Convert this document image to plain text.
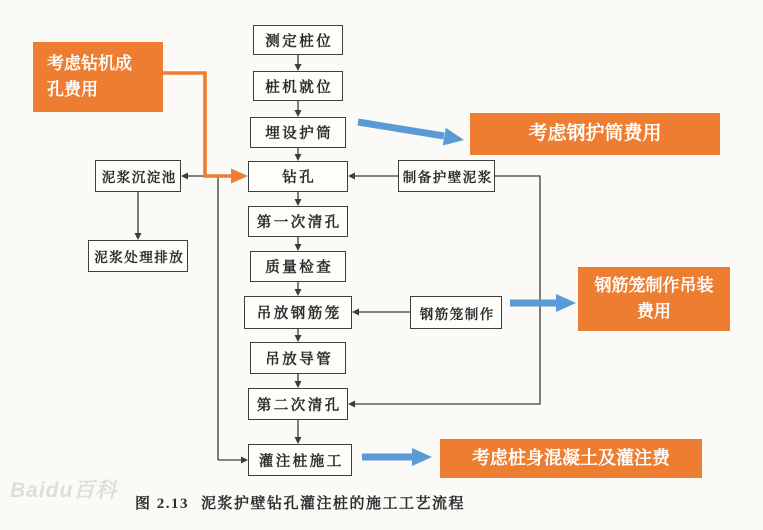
测定桩位
桩机就位
埋设护筒
钻孔
第一次清孔
质量检查
吊放钢筋笼
吊放导管
第二次清孔
灌注桩施工
泥浆沉淀池
泥浆处理排放
制备护壁泥浆
钢筋笼制作
考虑钻机成
孔费用
考虑钢护筒费用
钢筋笼制作吊装
费用
考虑桩身混凝土及灌注费
图 2.13 泥浆护壁钻孔灌注桩的施工工艺流程
Baidu百科
